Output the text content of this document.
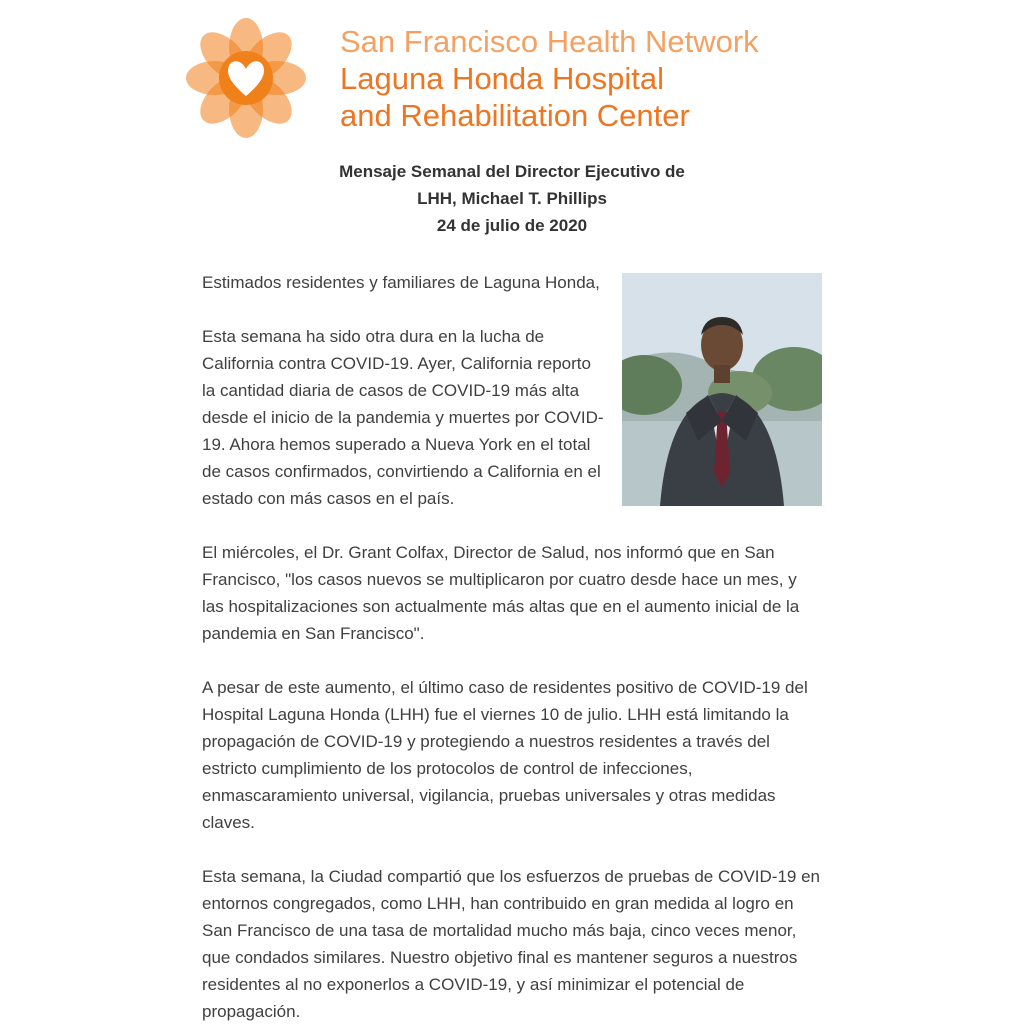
San Francisco Health Network
Laguna Honda Hospital
and Rehabilitation Center
Mensaje Semanal del Director Ejecutivo de
LHH, Michael T. Phillips
24 de julio de 2020

Estimados residentes y familiares de Laguna Honda,

Esta semana ha sido otra dura en la lucha de California contra COVID-19. Ayer, California reporto la cantidad diaria de casos de COVID-19 más alta desde el inicio de la pandemia y muertes por COVID-19. Ahora hemos superado a Nueva York en el total de casos confirmados, convirtiendo a California en el estado con más casos en el país.

El miércoles, el Dr. Grant Colfax, Director de Salud, nos informó que en San Francisco, "los casos nuevos se multiplicaron por cuatro desde hace un mes, y las hospitalizaciones son actualmente más altas que en el aumento inicial de la pandemia en San Francisco".

A pesar de este aumento, el último caso de residentes positivo de COVID-19 del Hospital Laguna Honda (LHH) fue el viernes 10 de julio. LHH está limitando la propagación de COVID-19 y protegiendo a nuestros residentes a través del estricto cumplimiento de los protocolos de control de infecciones, enmascaramiento universal, vigilancia, pruebas universales y otras medidas claves.

Esta semana, la Ciudad compartió que los esfuerzos de pruebas de COVID-19 en entornos congregados, como LHH, han contribuido en gran medida al logro en San Francisco de una tasa de mortalidad mucho más baja, cinco veces menor, que condados similares. Nuestro objetivo final es mantener seguros a nuestros residentes al no exponerlos a COVID-19, y así minimizar el potencial de propagación.
